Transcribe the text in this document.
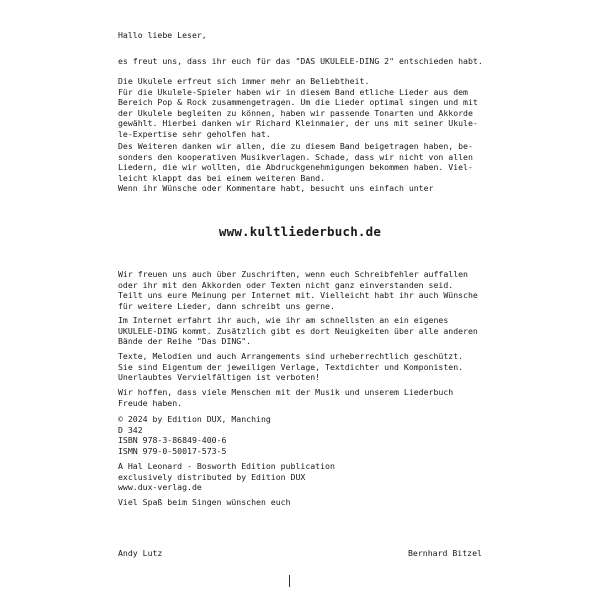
Hallo liebe Leser,
es freut uns, dass ihr euch für das "DAS UKULELE-DING 2" entschieden habt.
Die Ukulele erfreut sich immer mehr an Beliebtheit.
Für die Ukulele-Spieler haben wir in diesem Band etliche Lieder aus dem
Bereich Pop & Rock zusammengetragen. Um die Lieder optimal singen und mit
der Ukulele begleiten zu können, haben wir passende Tonarten und Akkorde
gewählt. Hierbei danken wir Richard Kleinmaier, der uns mit seiner Ukule-
le-Expertise sehr geholfen hat.
Des Weiteren danken wir allen, die zu diesem Band beigetragen haben, be-
sonders den kooperativen Musikverlagen. Schade, dass wir nicht von allen
Liedern, die wir wollten, die Abdruckgenehmigungen bekommen haben. Viel-
leicht klappt das bei einem weiteren Band.
Wenn ihr Wünsche oder Kommentare habt, besucht uns einfach unter
www.kultliederbuch.de
Wir freuen uns auch über Zuschriften, wenn euch Schreibfehler auffallen
oder ihr mit den Akkorden oder Texten nicht ganz einverstanden seid.
Teilt uns eure Meinung per Internet mit. Vielleicht habt ihr auch Wünsche
für weitere Lieder, dann schreibt uns gerne.
Im Internet erfahrt ihr auch, wie ihr am schnellsten an ein eigenes
UKULELE-DING kommt. Zusätzlich gibt es dort Neuigkeiten über alle anderen
Bände der Reihe "Das DING".
Texte, Melodien und auch Arrangements sind urheberrechtlich geschützt.
Sie sind Eigentum der jeweiligen Verlage, Textdichter und Komponisten.
Unerlaubtes Vervielfältigen ist verboten!
Wir hoffen, dass viele Menschen mit der Musik und unserem Liederbuch
Freude haben.
© 2024 by Edition DUX, Manching
D 342
ISBN 978-3-86849-400-6
ISMN 979-0-50017-573-5
A Hal Leonard - Bosworth Edition publication
exclusively distributed by Edition DUX
www.dux-verlag.de
Viel Spaß beim Singen wünschen euch
Andy Lutz	Bernhard Bitzel
